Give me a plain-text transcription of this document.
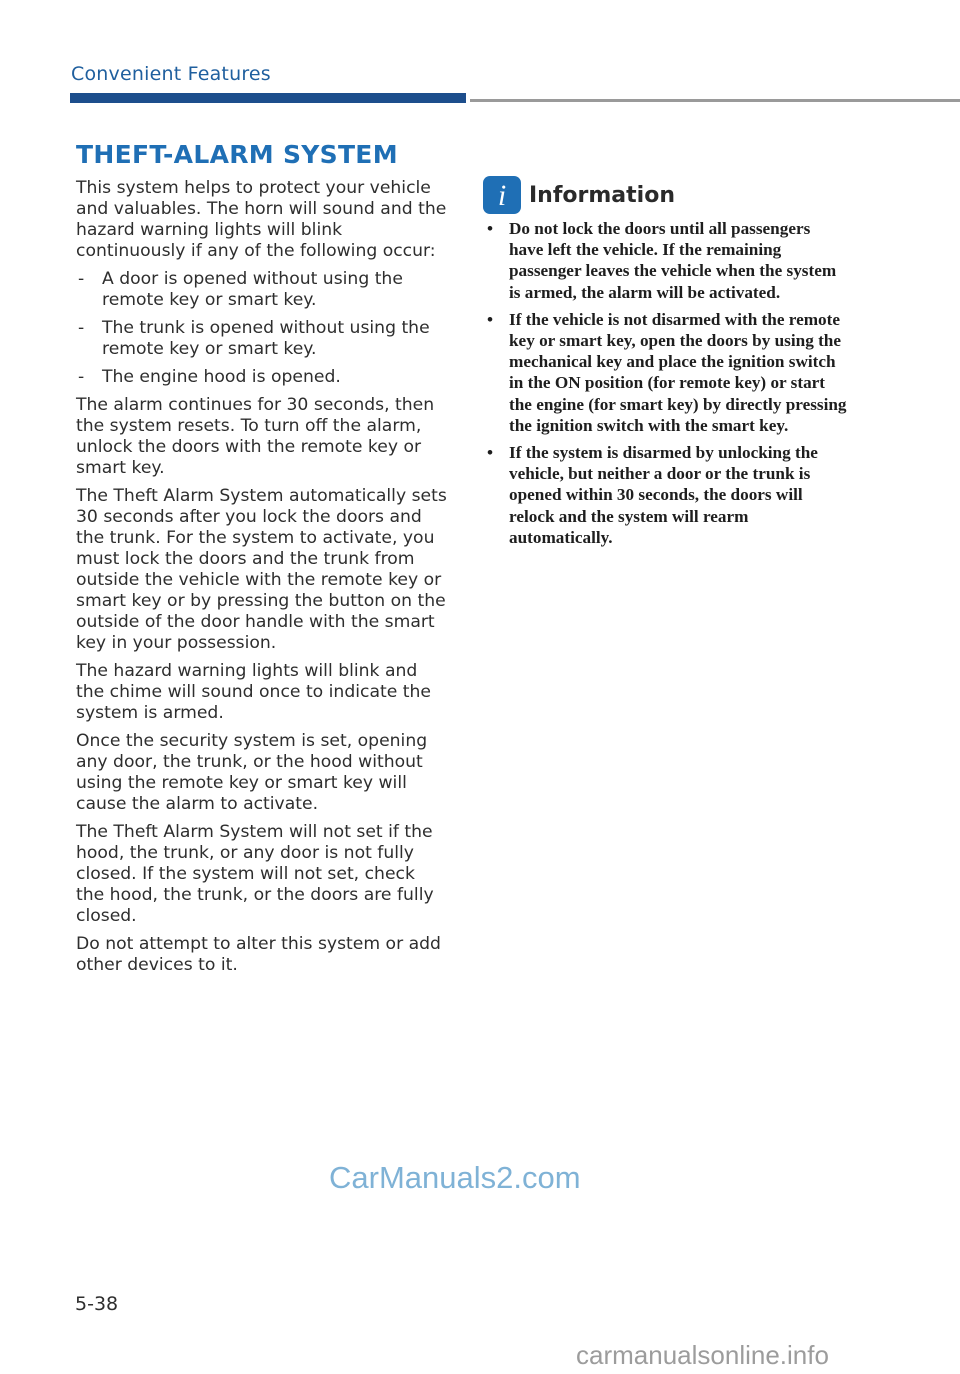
Convenient Features
THEFT-ALARM SYSTEM

This system helps to protect your vehicle and valuables. The horn will sound and the hazard warning lights will blink continuously if any of the following occur:

- A door is opened without using the remote key or smart key.
- The trunk is opened without using the remote key or smart key.
- The engine hood is opened.

The alarm continues for 30 seconds, then the system resets. To turn off the alarm, unlock the doors with the remote key or smart key.

The Theft Alarm System automatically sets 30 seconds after you lock the doors and the trunk. For the system to activate, you must lock the doors and the trunk from outside the vehicle with the remote key or smart key or by pressing the button on the outside of the door handle with the smart key in your possession.

The hazard warning lights will blink and the chime will sound once to indicate the system is armed.

Once the security system is set, opening any door, the trunk, or the hood without using the remote key or smart key will cause the alarm to activate.

The Theft Alarm System will not set if the hood, the trunk, or any door is not fully closed. If the system will not set, check the hood, the trunk, or the doors are fully closed.

Do not attempt to alter this system or add other devices to it.

i Information
• Do not lock the doors until all passengers have left the vehicle. If the remaining passenger leaves the vehicle when the system is armed, the alarm will be activated.
• If the vehicle is not disarmed with the remote key or smart key, open the doors by using the mechanical key and place the ignition switch in the ON position (for remote key) or start the engine (for smart key) by directly pressing the ignition switch with the smart key.
• If the system is disarmed by unlocking the vehicle, but neither a door or the trunk is opened within 30 seconds, the doors will relock and the system will rearm automatically.
CarManuals2.com
5-38
carmanualsonline.info
